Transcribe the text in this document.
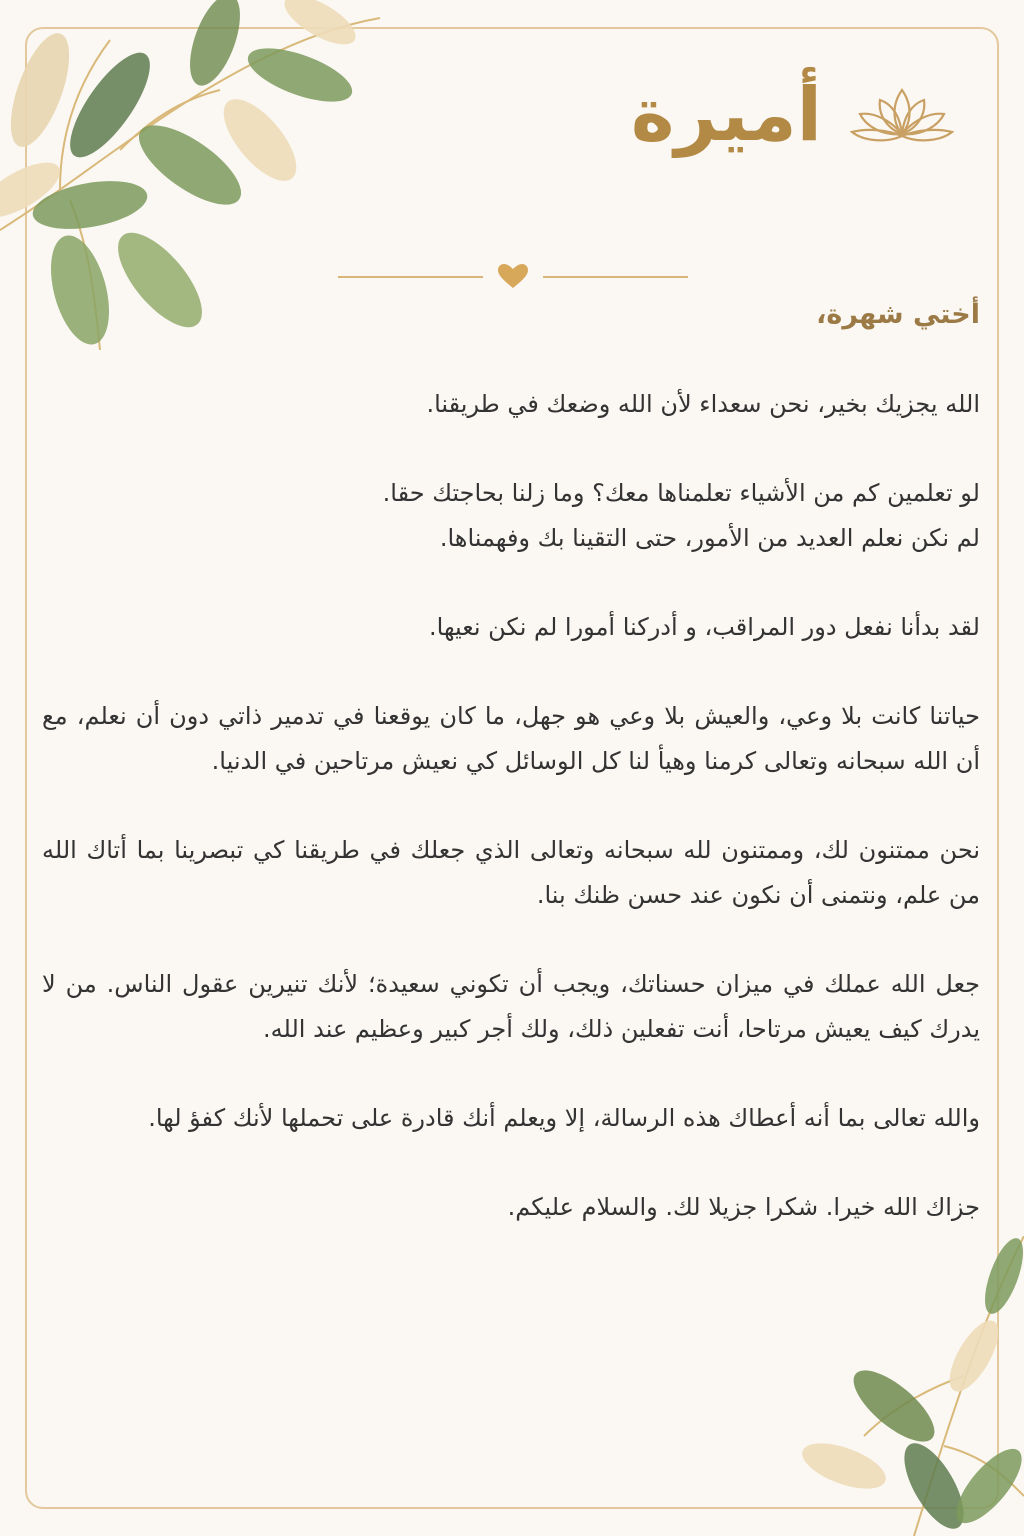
أميرة
أختي شهرة،
الله يجزيك بخير، نحن سعداء لأن الله وضعك في طريقنا.
لو تعلمين كم من الأشياء تعلمناها معك؟ وما زلنا بحاجتك حقا.
لم نكن نعلم العديد من الأمور، حتى التقينا بك وفهمناها.
لقد بدأنا نفعل دور المراقب، و أدركنا أمورا لم نكن نعيها.
حياتنا كانت بلا وعي، والعيش بلا وعي هو جهل، ما كان يوقعنا في تدمير ذاتي دون أن نعلم، مع أن الله سبحانه وتعالى كرمنا وهيأ لنا كل الوسائل كي نعيش مرتاحين في الدنيا.
نحن ممتنون لك، وممتنون لله سبحانه وتعالى الذي جعلك في طريقنا كي تبصرينا بما أتاك الله من علم، ونتمنى أن نكون عند حسن ظنك بنا.
جعل الله عملك في ميزان حسناتك، ويجب أن تكوني سعيدة؛ لأنك تنيرين عقول الناس. من لا يدرك كيف يعيش مرتاحا، أنت تفعلين ذلك، ولك أجر كبير وعظيم عند الله.
والله تعالى بما أنه أعطاك هذه الرسالة، إلا ويعلم أنك قادرة على تحملها لأنك كفؤ لها.
جزاك الله خيرا. شكرا جزيلا لك. والسلام عليكم.
